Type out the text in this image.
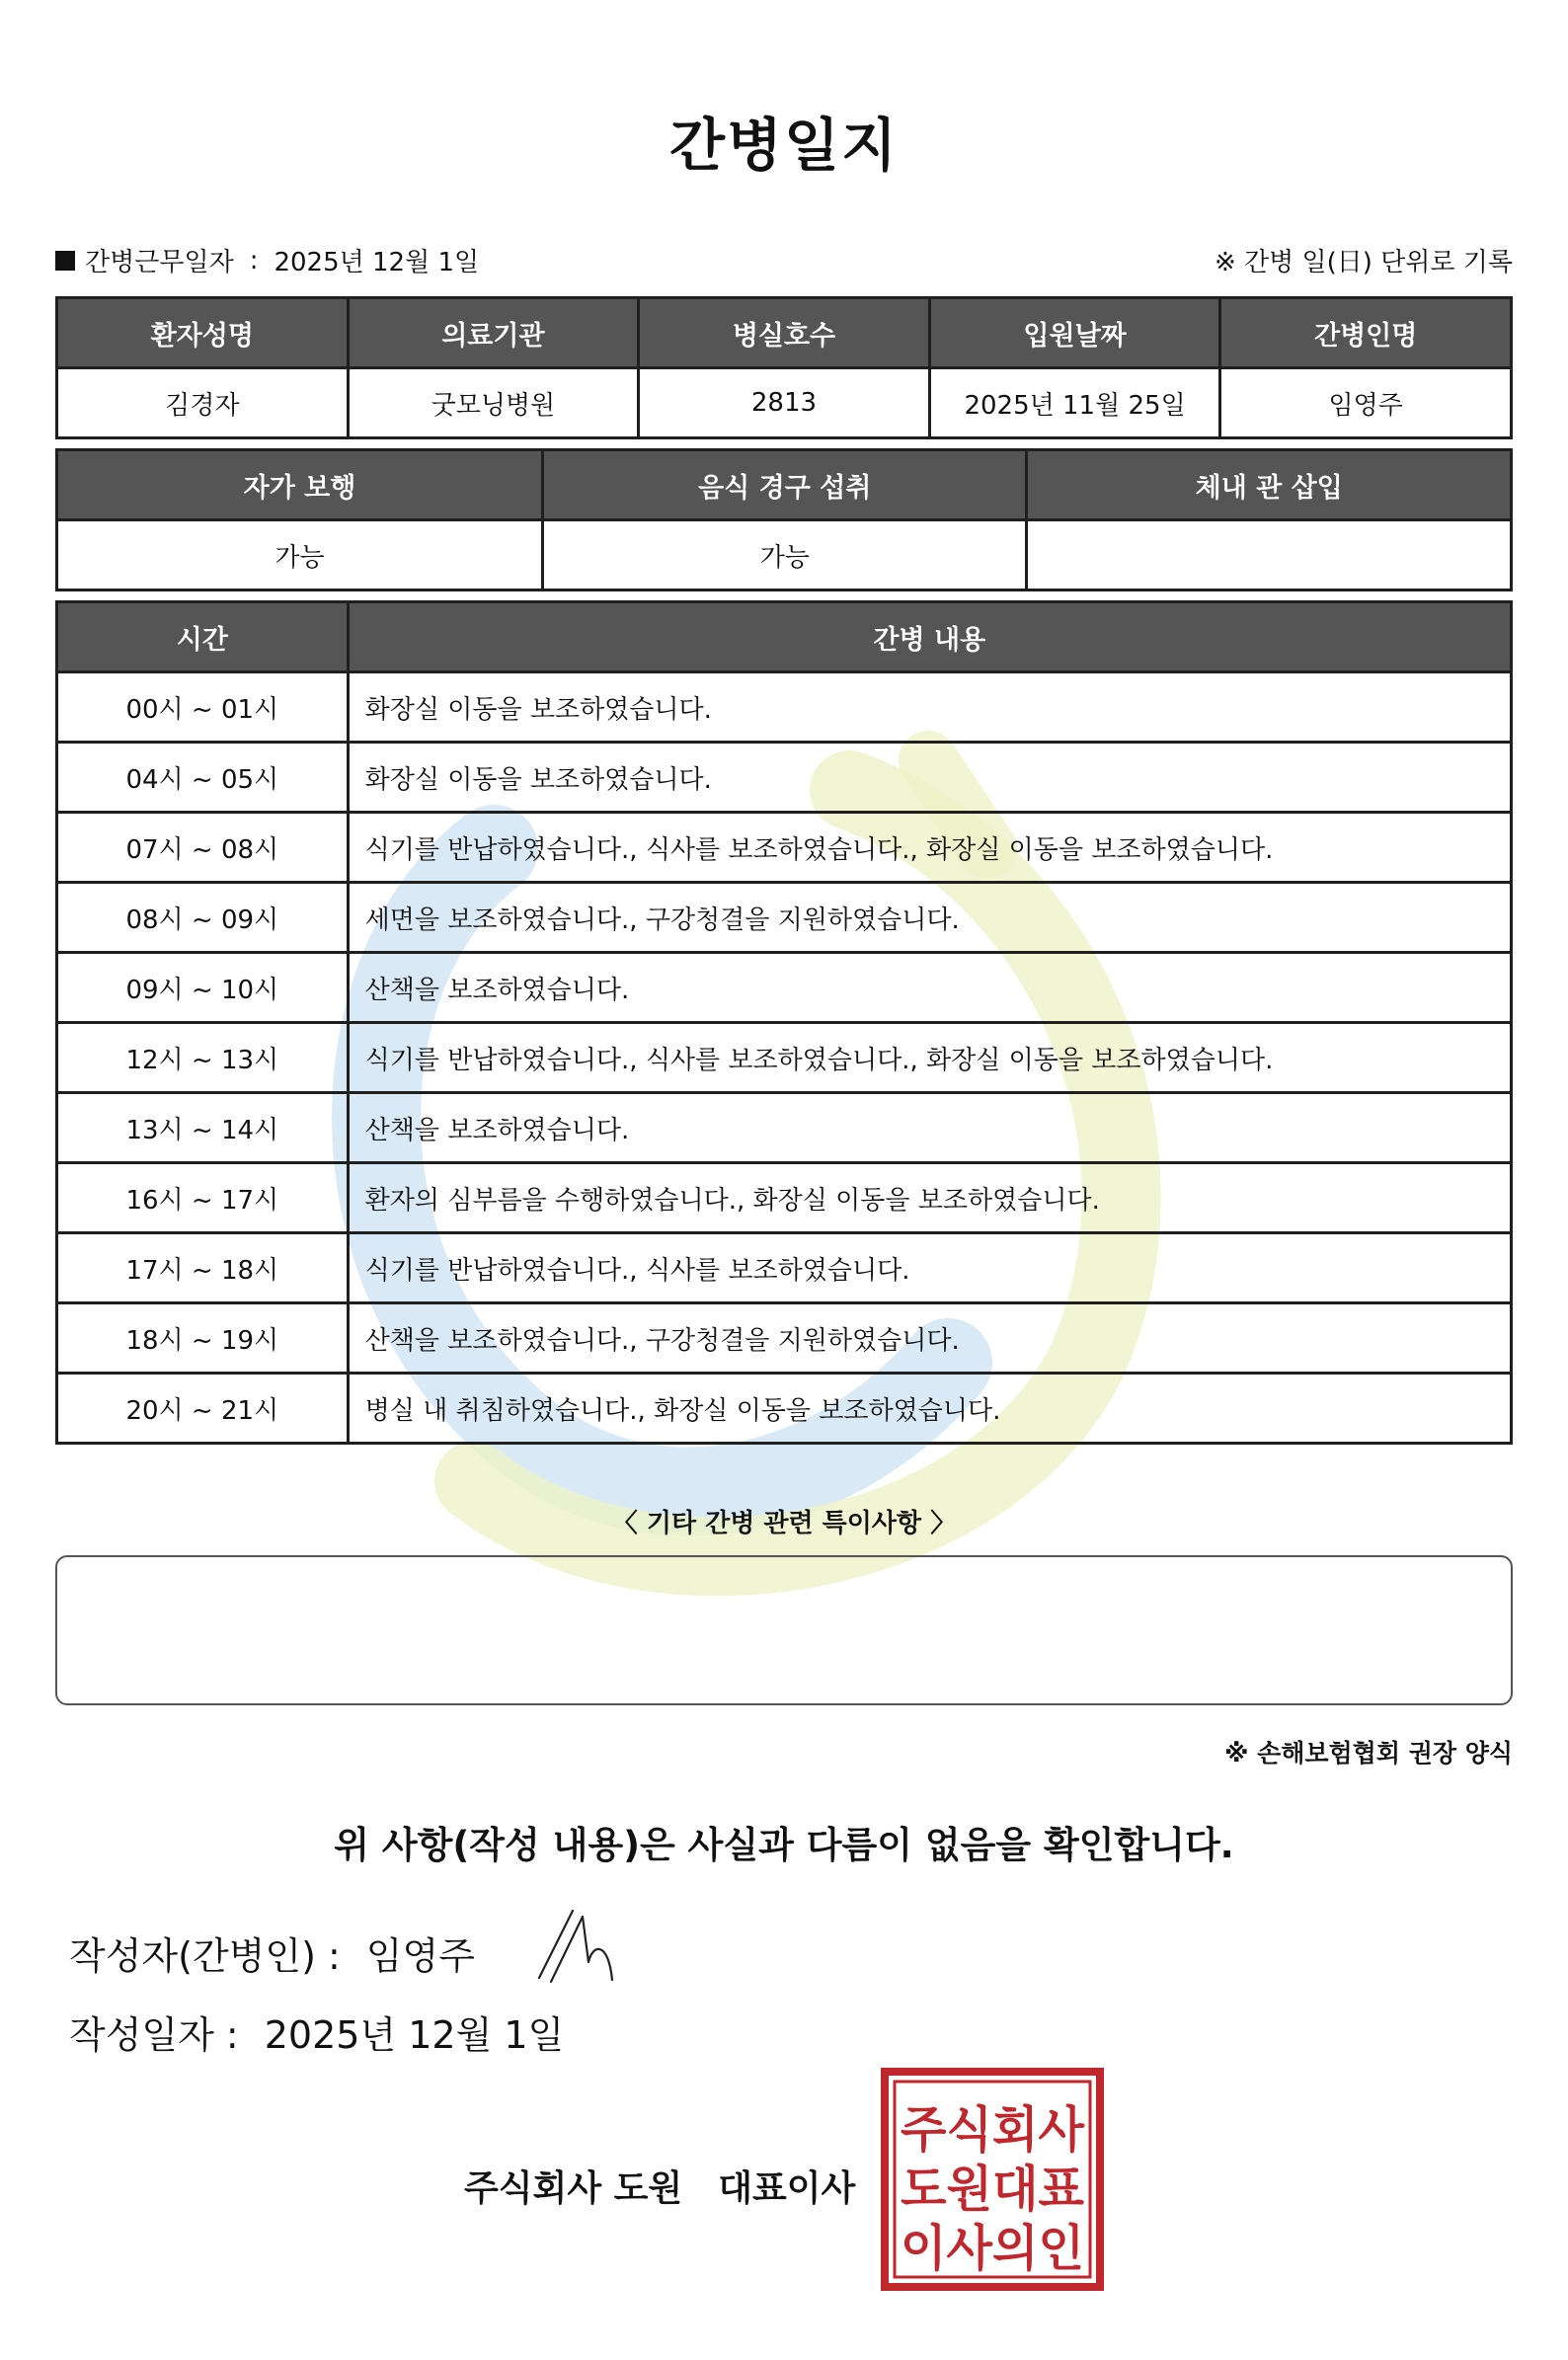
간병일지
간병근무일자 : 2025년 12월 1일	※ 간병 일(日) 단위로 기록
환자성명	의료기관	병실호수	입원날짜	간병인명
김경자	굿모닝병원	2813	2025년 11월 25일	임영주
자가 보행	음식 경구 섭취	체내 관 삽입
가능	가능	
시간	간병 내용
00시 ~ 01시	화장실 이동을 보조하였습니다.
04시 ~ 05시	화장실 이동을 보조하였습니다.
07시 ~ 08시	식기를 반납하였습니다., 식사를 보조하였습니다., 화장실 이동을 보조하였습니다.
08시 ~ 09시	세면을 보조하였습니다., 구강청결을 지원하였습니다.
09시 ~ 10시	산책을 보조하였습니다.
12시 ~ 13시	식기를 반납하였습니다., 식사를 보조하였습니다., 화장실 이동을 보조하였습니다.
13시 ~ 14시	산책을 보조하였습니다.
16시 ~ 17시	환자의 심부름을 수행하였습니다., 화장실 이동을 보조하였습니다.
17시 ~ 18시	식기를 반납하였습니다., 식사를 보조하였습니다.
18시 ~ 19시	산책을 보조하였습니다., 구강청결을 지원하였습니다.
20시 ~ 21시	병실 내 취침하였습니다., 화장실 이동을 보조하였습니다.
〈 기타 간병 관련 특이사항 〉
※ 손해보험협회 권장 양식
위 사항(작성 내용)은 사실과 다름이 없음을 확인합니다.
작성자(간병인) : 임영주
작성일자 : 2025년 12월 1일
주식회사 도원 대표이사
주식회사
도원대표
이사의인
